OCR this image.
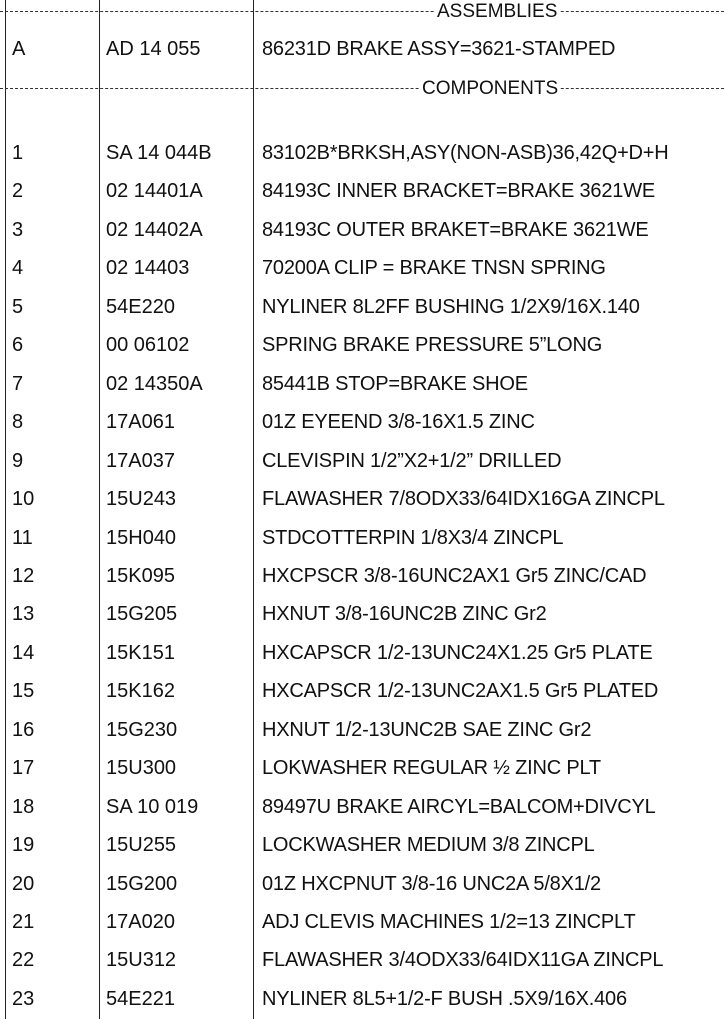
ASSEMBLIES
A	AD 14 055	86231D BRAKE ASSY=3621-STAMPED
COMPONENTS
1	SA 14 044B	83102B*BRKSH,ASY(NON-ASB)36,42Q+D+H
2	02 14401A	84193C INNER BRACKET=BRAKE 3621WE
3	02 14402A	84193C OUTER BRAKET=BRAKE 3621WE
4	02 14403	70200A CLIP = BRAKE TNSN SPRING
5	54E220	NYLINER 8L2FF BUSHING 1/2X9/16X.140
6	00 06102	SPRING BRAKE PRESSURE 5”LONG
7	02 14350A	85441B STOP=BRAKE SHOE
8	17A061	01Z EYEEND 3/8-16X1.5 ZINC
9	17A037	CLEVISPIN 1/2”X2+1/2” DRILLED
10	15U243	FLAWASHER 7/8ODX33/64IDX16GA ZINCPL
11	15H040	STDCOTTERPIN 1/8X3/4 ZINCPL
12	15K095	HXCPSCR 3/8-16UNC2AX1 Gr5 ZINC/CAD
13	15G205	HXNUT 3/8-16UNC2B ZINC Gr2
14	15K151	HXCAPSCR 1/2-13UNC24X1.25 Gr5 PLATE
15	15K162	HXCAPSCR 1/2-13UNC2AX1.5 Gr5 PLATED
16	15G230	HXNUT 1/2-13UNC2B SAE ZINC Gr2
17	15U300	LOKWASHER REGULAR ½ ZINC PLT
18	SA 10 019	89497U BRAKE AIRCYL=BALCOM+DIVCYL
19	15U255	LOCKWASHER MEDIUM 3/8 ZINCPL
20	15G200	01Z HXCPNUT 3/8-16 UNC2A 5/8X1/2
21	17A020	ADJ CLEVIS MACHINES 1/2=13 ZINCPLT
22	15U312	FLAWASHER 3/4ODX33/64IDX11GA ZINCPL
23	54E221	NYLINER 8L5+1/2-F BUSH .5X9/16X.406
